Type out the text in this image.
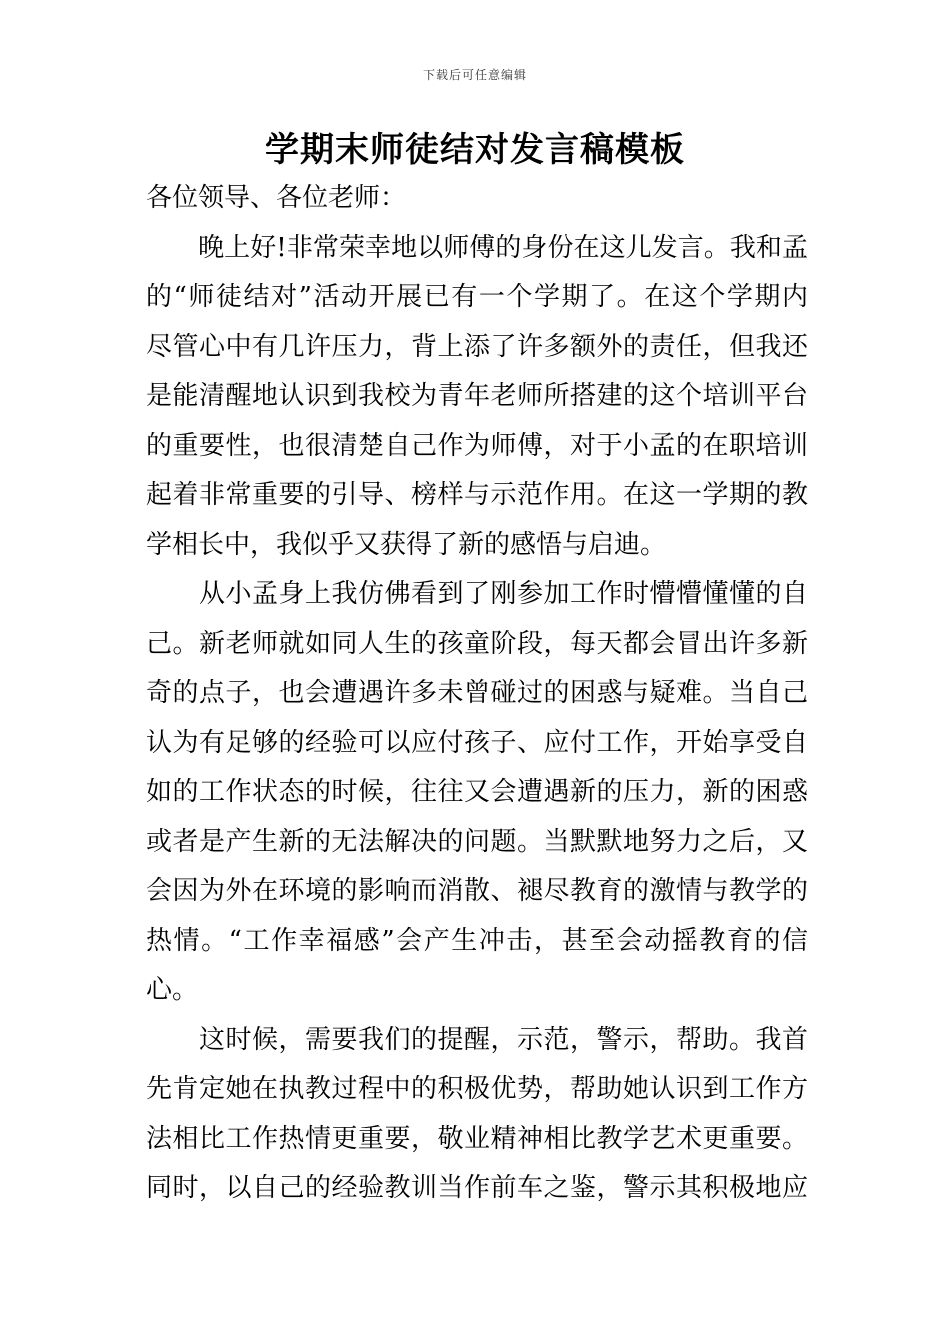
下载后可任意编辑
学期末师徒结对发言稿模板

各位领导、各位老师：

　　晚上好!非常荣幸地以师傅的身份在这儿发言。我和孟
的“师徒结对”活动开展已有一个学期了。在这个学期内
尽管心中有几许压力，背上添了许多额外的责任，但我还
是能清醒地认识到我校为青年老师所搭建的这个培训平台
的重要性，也很清楚自己作为师傅，对于小孟的在职培训
起着非常重要的引导、榜样与示范作用。在这一学期的教
学相长中，我似乎又获得了新的感悟与启迪。

　　从小孟身上我仿佛看到了刚参加工作时懵懵懂懂的自
己。新老师就如同人生的孩童阶段，每天都会冒出许多新
奇的点子，也会遭遇许多未曾碰过的困惑与疑难。当自己
认为有足够的经验可以应付孩子、应付工作，开始享受自
如的工作状态的时候，往往又会遭遇新的压力，新的困惑
或者是产生新的无法解决的问题。当默默地努力之后，又
会因为外在环境的影响而消散、褪尽教育的激情与教学的
热情。“工作幸福感”会产生冲击，甚至会动摇教育的信
心。

　　这时候，需要我们的提醒，示范，警示，帮助。我首
先肯定她在执教过程中的积极优势，帮助她认识到工作方
法相比工作热情更重要，敬业精神相比教学艺术更重要。
同时，以自己的经验教训当作前车之鉴，警示其积极地应
